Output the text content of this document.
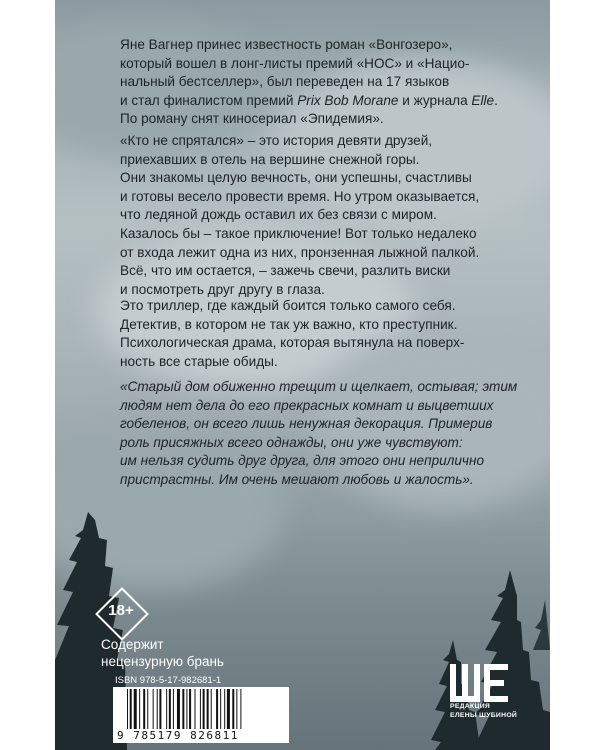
Яне Вагнер принес известность роман «Вонгозеро»,

который вошел в лонг-листы премий «НОС» и «Нацио-

нальный бестселлер», был переведен на 17 языков

и стал финалистом премий Prix Bob Morane и журнала Elle.

По роману снят киносериал «Эпидемия».

«Кто не спрятался» – это история девяти друзей,

приехавших в отель на вершине снежной горы.

Они знакомы целую вечность, они успешны, счастливы

и готовы весело провести время. Но утром оказывается,

что ледяной дождь оставил их без связи с миром.

Казалось бы – такое приключение! Вот только недалеко

от входа лежит одна из них, пронзенная лыжной палкой.

Всё, что им остается, – зажечь свечи, разлить виски

и посмотреть друг другу в глаза.

Это триллер, где каждый боится только самого себя.

Детектив, в котором не так уж важно, кто преступник.

Психологическая драма, которая вытянула на поверх-

ность все старые обиды.

«Старый дом обиженно трещит и щелкает, остывая; этим

людям нет дела до его прекрасных комнат и выцветших

гобеленов, он всего лишь ненужная декорация. Примерив

роль присяжных всего однажды, они уже чувствуют:

им нельзя судить друг друга, для этого они неприлично

пристрастны. Им очень мешают любовь и жалость».

18+
Содержит
нецензурную брань
ISBN 978-5-17-982681-1
9 785179 826811
РЕДАКЦИЯ
ЕЛЕНЫ ШУБИНОЙ
